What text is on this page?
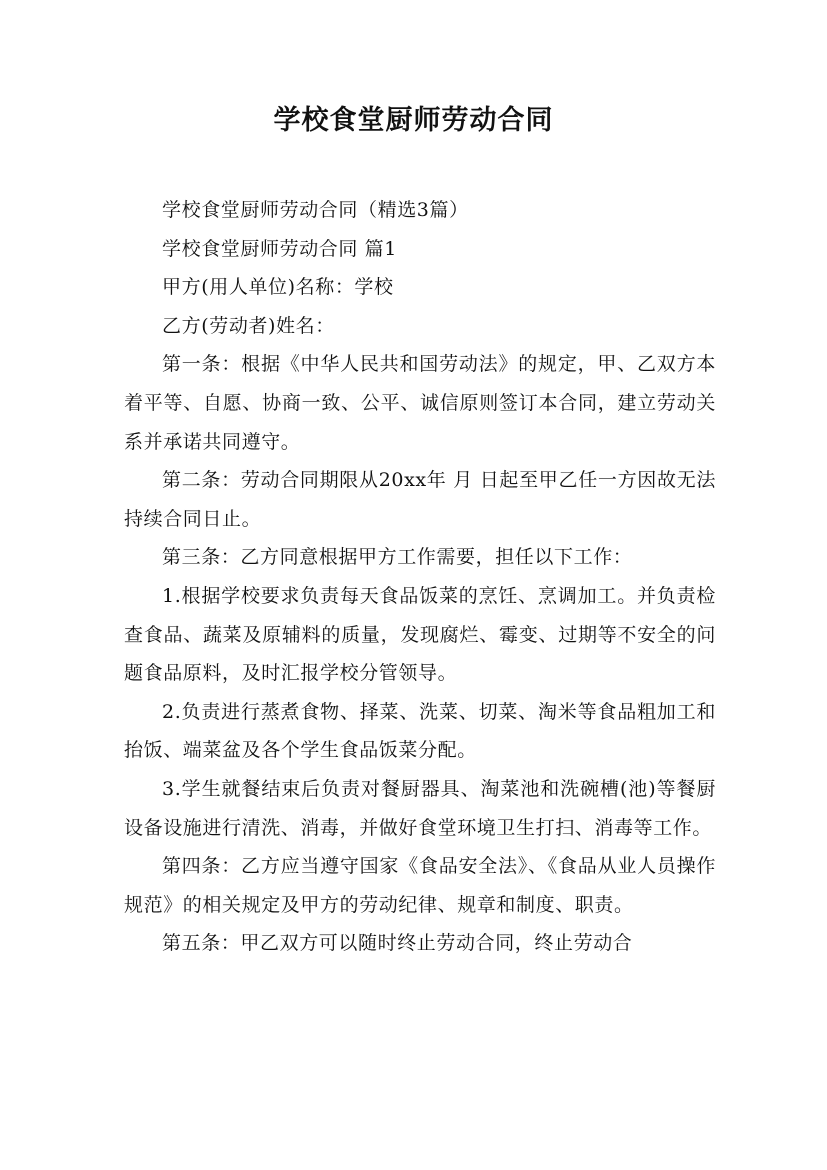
学校食堂厨师劳动合同

学校食堂厨师劳动合同（精选3篇）

学校食堂厨师劳动合同 篇1

甲方(用人单位)名称：学校

乙方(劳动者)姓名：

第一条：根据《中华人民共和国劳动法》的规定，甲、乙双方本着平等、自愿、协商一致、公平、诚信原则签订本合同，建立劳动关系并承诺共同遵守。

第二条：劳动合同期限从20xx年 月 日起至甲乙任一方因故无法持续合同日止。

第三条：乙方同意根据甲方工作需要，担任以下工作：

1.根据学校要求负责每天食品饭菜的烹饪、烹调加工。并负责检查食品、蔬菜及原辅料的质量，发现腐烂、霉变、过期等不安全的问题食品原料，及时汇报学校分管领导。

2.负责进行蒸煮食物、择菜、洗菜、切菜、淘米等食品粗加工和抬饭、端菜盆及各个学生食品饭菜分配。

3.学生就餐结束后负责对餐厨器具、淘菜池和洗碗槽(池)等餐厨设备设施进行清洗、消毒，并做好食堂环境卫生打扫、消毒等工作。

第四条：乙方应当遵守国家《食品安全法》、《食品从业人员操作规范》的相关规定及甲方的劳动纪律、规章和制度、职责。

第五条：甲乙双方可以随时终止劳动合同，终止劳动合
